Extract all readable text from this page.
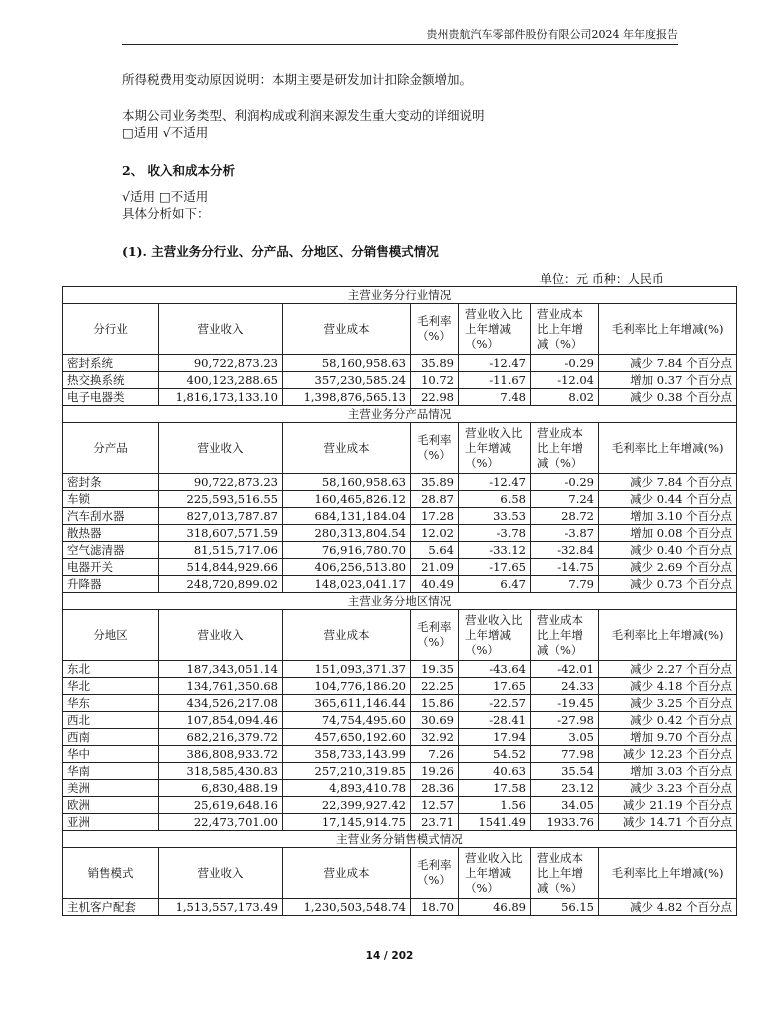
贵州贵航汽车零部件股份有限公司2024 年年度报告
所得税费用变动原因说明：本期主要是研发加计扣除金额增加。
本期公司业务类型、利润构成或利润来源发生重大变动的详细说明
□适用 √不适用
2、 收入和成本分析
√适用 □不适用
具体分析如下：
(1). 主营业务分行业、分产品、分地区、分销售模式情况
单位：元 币种：人民币
主营业务分行业情况						
分行业	营业收入	营业成本	毛利率（%）	营业收入比上年增减（%）	营业成本比上年增减（%）	毛利率比上年增减(%)
密封系统	90,722,873.23	58,160,958.63	35.89	-12.47	-0.29	减少 7.84 个百分点
热交换系统	400,123,288.65	357,230,585.24	10.72	-11.67	-12.04	增加 0.37 个百分点
电子电器类	1,816,173,133.10	1,398,876,565.13	22.98	7.48	8.02	减少 0.38 个百分点
主营业务分产品情况						
分产品	营业收入	营业成本	毛利率（%）	营业收入比上年增减（%）	营业成本比上年增减（%）	毛利率比上年增减(%)
密封条	90,722,873.23	58,160,958.63	35.89	-12.47	-0.29	减少 7.84 个百分点
车锁	225,593,516.55	160,465,826.12	28.87	6.58	7.24	减少 0.44 个百分点
汽车刮水器	827,013,787.87	684,131,184.04	17.28	33.53	28.72	增加 3.10 个百分点
散热器	318,607,571.59	280,313,804.54	12.02	-3.78	-3.87	增加 0.08 个百分点
空气滤清器	81,515,717.06	76,916,780.70	5.64	-33.12	-32.84	减少 0.40 个百分点
电器开关	514,844,929.66	406,256,513.80	21.09	-17.65	-14.75	减少 2.69 个百分点
升降器	248,720,899.02	148,023,041.17	40.49	6.47	7.79	减少 0.73 个百分点
主营业务分地区情况						
分地区	营业收入	营业成本	毛利率（%）	营业收入比上年增减（%）	营业成本比上年增减（%）	毛利率比上年增减(%)
东北	187,343,051.14	151,093,371.37	19.35	-43.64	-42.01	减少 2.27 个百分点
华北	134,761,350.68	104,776,186.20	22.25	17.65	24.33	减少 4.18 个百分点
华东	434,526,217.08	365,611,146.44	15.86	-22.57	-19.45	减少 3.25 个百分点
西北	107,854,094.46	74,754,495.60	30.69	-28.41	-27.98	减少 0.42 个百分点
西南	682,216,379.72	457,650,192.60	32.92	17.94	3.05	增加 9.70 个百分点
华中	386,808,933.72	358,733,143.99	7.26	54.52	77.98	减少 12.23 个百分点
华南	318,585,430.83	257,210,319.85	19.26	40.63	35.54	增加 3.03 个百分点
美洲	6,830,488.19	4,893,410.78	28.36	17.58	23.12	减少 3.23 个百分点
欧洲	25,619,648.16	22,399,927.42	12.57	1.56	34.05	减少 21.19 个百分点
亚洲	22,473,701.00	17,145,914.75	23.71	1541.49	1933.76	减少 14.71 个百分点
主营业务分销售模式情况						
销售模式	营业收入	营业成本	毛利率（%）	营业收入比上年增减（%）	营业成本比上年增减（%）	毛利率比上年增减(%)
主机客户配套	1,513,557,173.49	1,230,503,548.74	18.70	46.89	56.15	减少 4.82 个百分点
14 / 202
